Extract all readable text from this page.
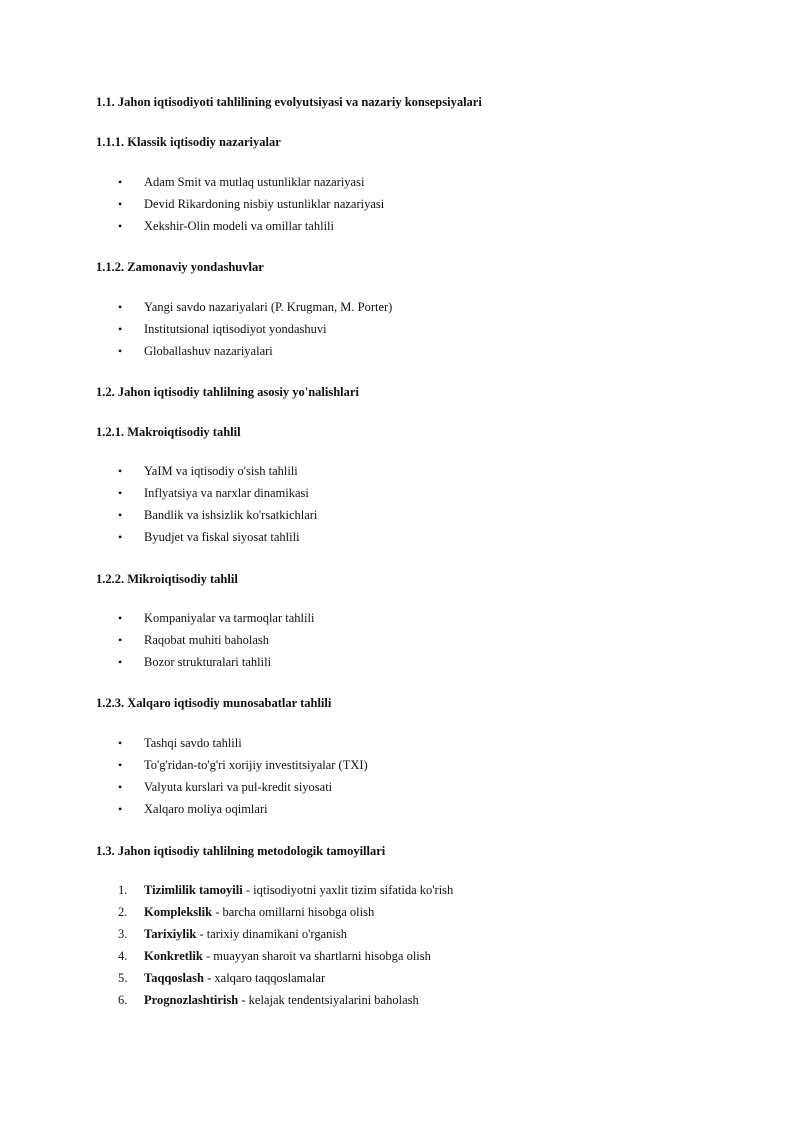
1.1. Jahon iqtisodiyoti tahlilining evolyutsiyasi va nazariy konsepsiyalari
1.1.1. Klassik iqtisodiy nazariyalar
• Adam Smit va mutlaq ustunliklar nazariyasi
• Devid Rikardoning nisbiy ustunliklar nazariyasi
• Xekshir-Olin modeli va omillar tahlili
1.1.2. Zamonaviy yondashuvlar
• Yangi savdo nazariyalari (P. Krugman, M. Porter)
• Institutsional iqtisodiyot yondashuvi
• Globallashuv nazariyalari
1.2. Jahon iqtisodiy tahlilning asosiy yo'nalishlari
1.2.1. Makroiqtisodiy tahlil
• YaIM va iqtisodiy o'sish tahlili
• Inflyatsiya va narxlar dinamikasi
• Bandlik va ishsizlik ko'rsatkichlari
• Byudjet va fiskal siyosat tahlili
1.2.2. Mikroiqtisodiy tahlil
• Kompaniyalar va tarmoqlar tahlili
• Raqobat muhiti baholash
• Bozor strukturalari tahlili
1.2.3. Xalqaro iqtisodiy munosabatlar tahlili
• Tashqi savdo tahlili
• To'g'ridan-to'g'ri xorijiy investitsiyalar (TXI)
• Valyuta kurslari va pul-kredit siyosati
• Xalqaro moliya oqimlari
1.3. Jahon iqtisodiy tahlilning metodologik tamoyillari
1. Tizimlilik tamoyili - iqtisodiyotni yaxlit tizim sifatida ko'rish
2. Komplekslik - barcha omillarni hisobga olish
3. Tarixiylik - tarixiy dinamikani o'rganish
4. Konkretlik - muayyan sharoit va shartlarni hisobga olish
5. Taqqoslash - xalqaro taqqoslamalar
6. Prognozlashtirish - kelajak tendentsiyalarini baholash
